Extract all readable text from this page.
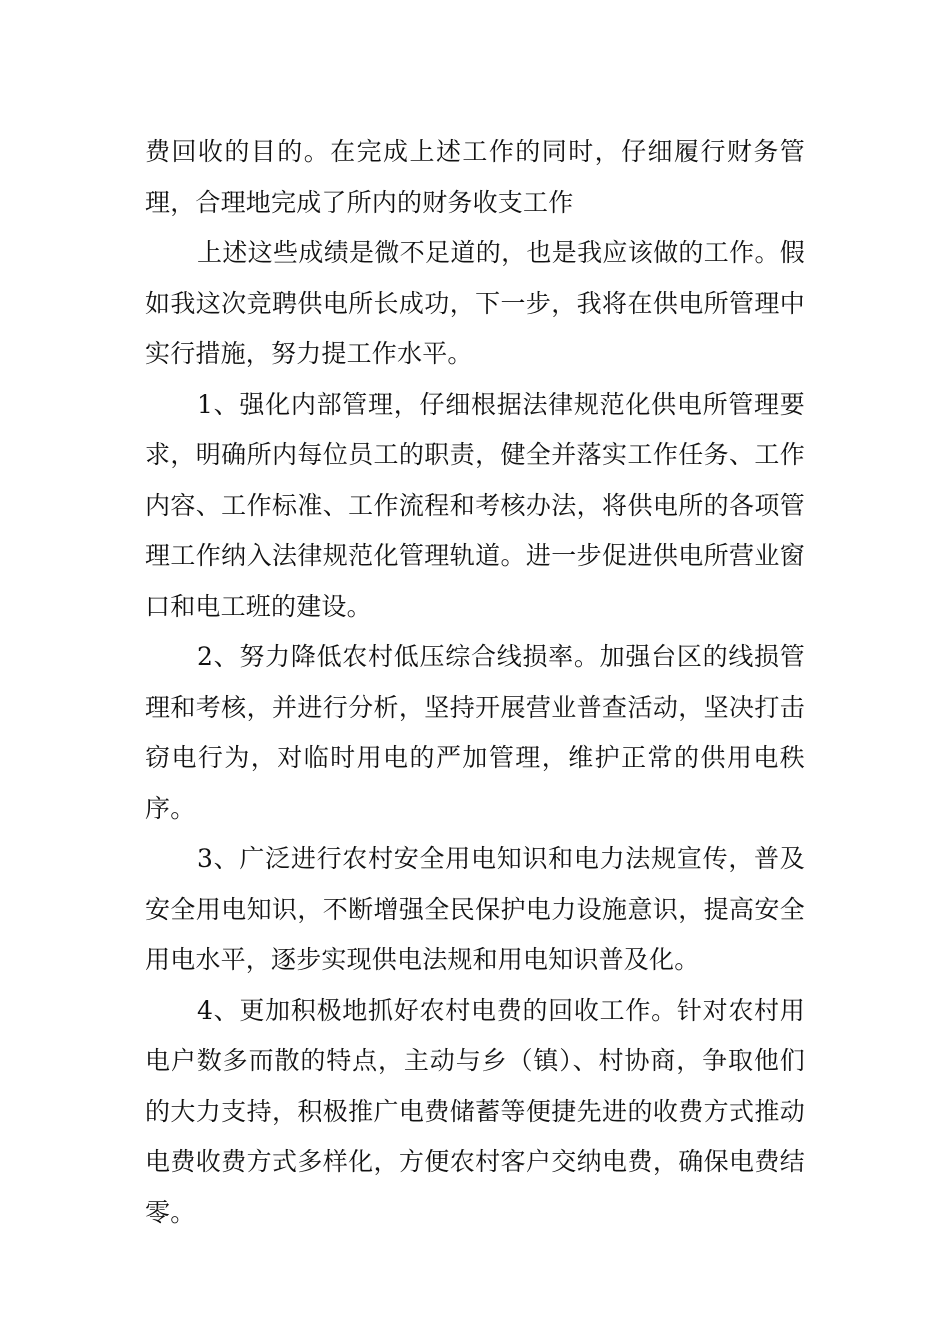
费回收的目的。在完成上述工作的同时，仔细履行财务管理，合理地完成了所内的财务收支工作

上述这些成绩是微不足道的，也是我应该做的工作。假如我这次竞聘供电所长成功，下一步，我将在供电所管理中实行措施，努力提工作水平。

1、强化内部管理，仔细根据法律规范化供电所管理要求，明确所内每位员工的职责，健全并落实工作任务、工作内容、工作标准、工作流程和考核办法，将供电所的各项管理工作纳入法律规范化管理轨道。进一步促进供电所营业窗口和电工班的建设。

2、努力降低农村低压综合线损率。加强台区的线损管理和考核，并进行分析，坚持开展营业普查活动，坚决打击窃电行为，对临时用电的严加管理，维护正常的供用电秩序。

3、广泛进行农村安全用电知识和电力法规宣传，普及安全用电知识，不断增强全民保护电力设施意识，提高安全用电水平，逐步实现供电法规和用电知识普及化。

4、更加积极地抓好农村电费的回收工作。针对农村用电户数多而散的特点，主动与乡（镇）、村协商，争取他们的大力支持，积极推广电费储蓄等便捷先进的收费方式推动电费收费方式多样化，方便农村客户交纳电费，确保电费结零。
